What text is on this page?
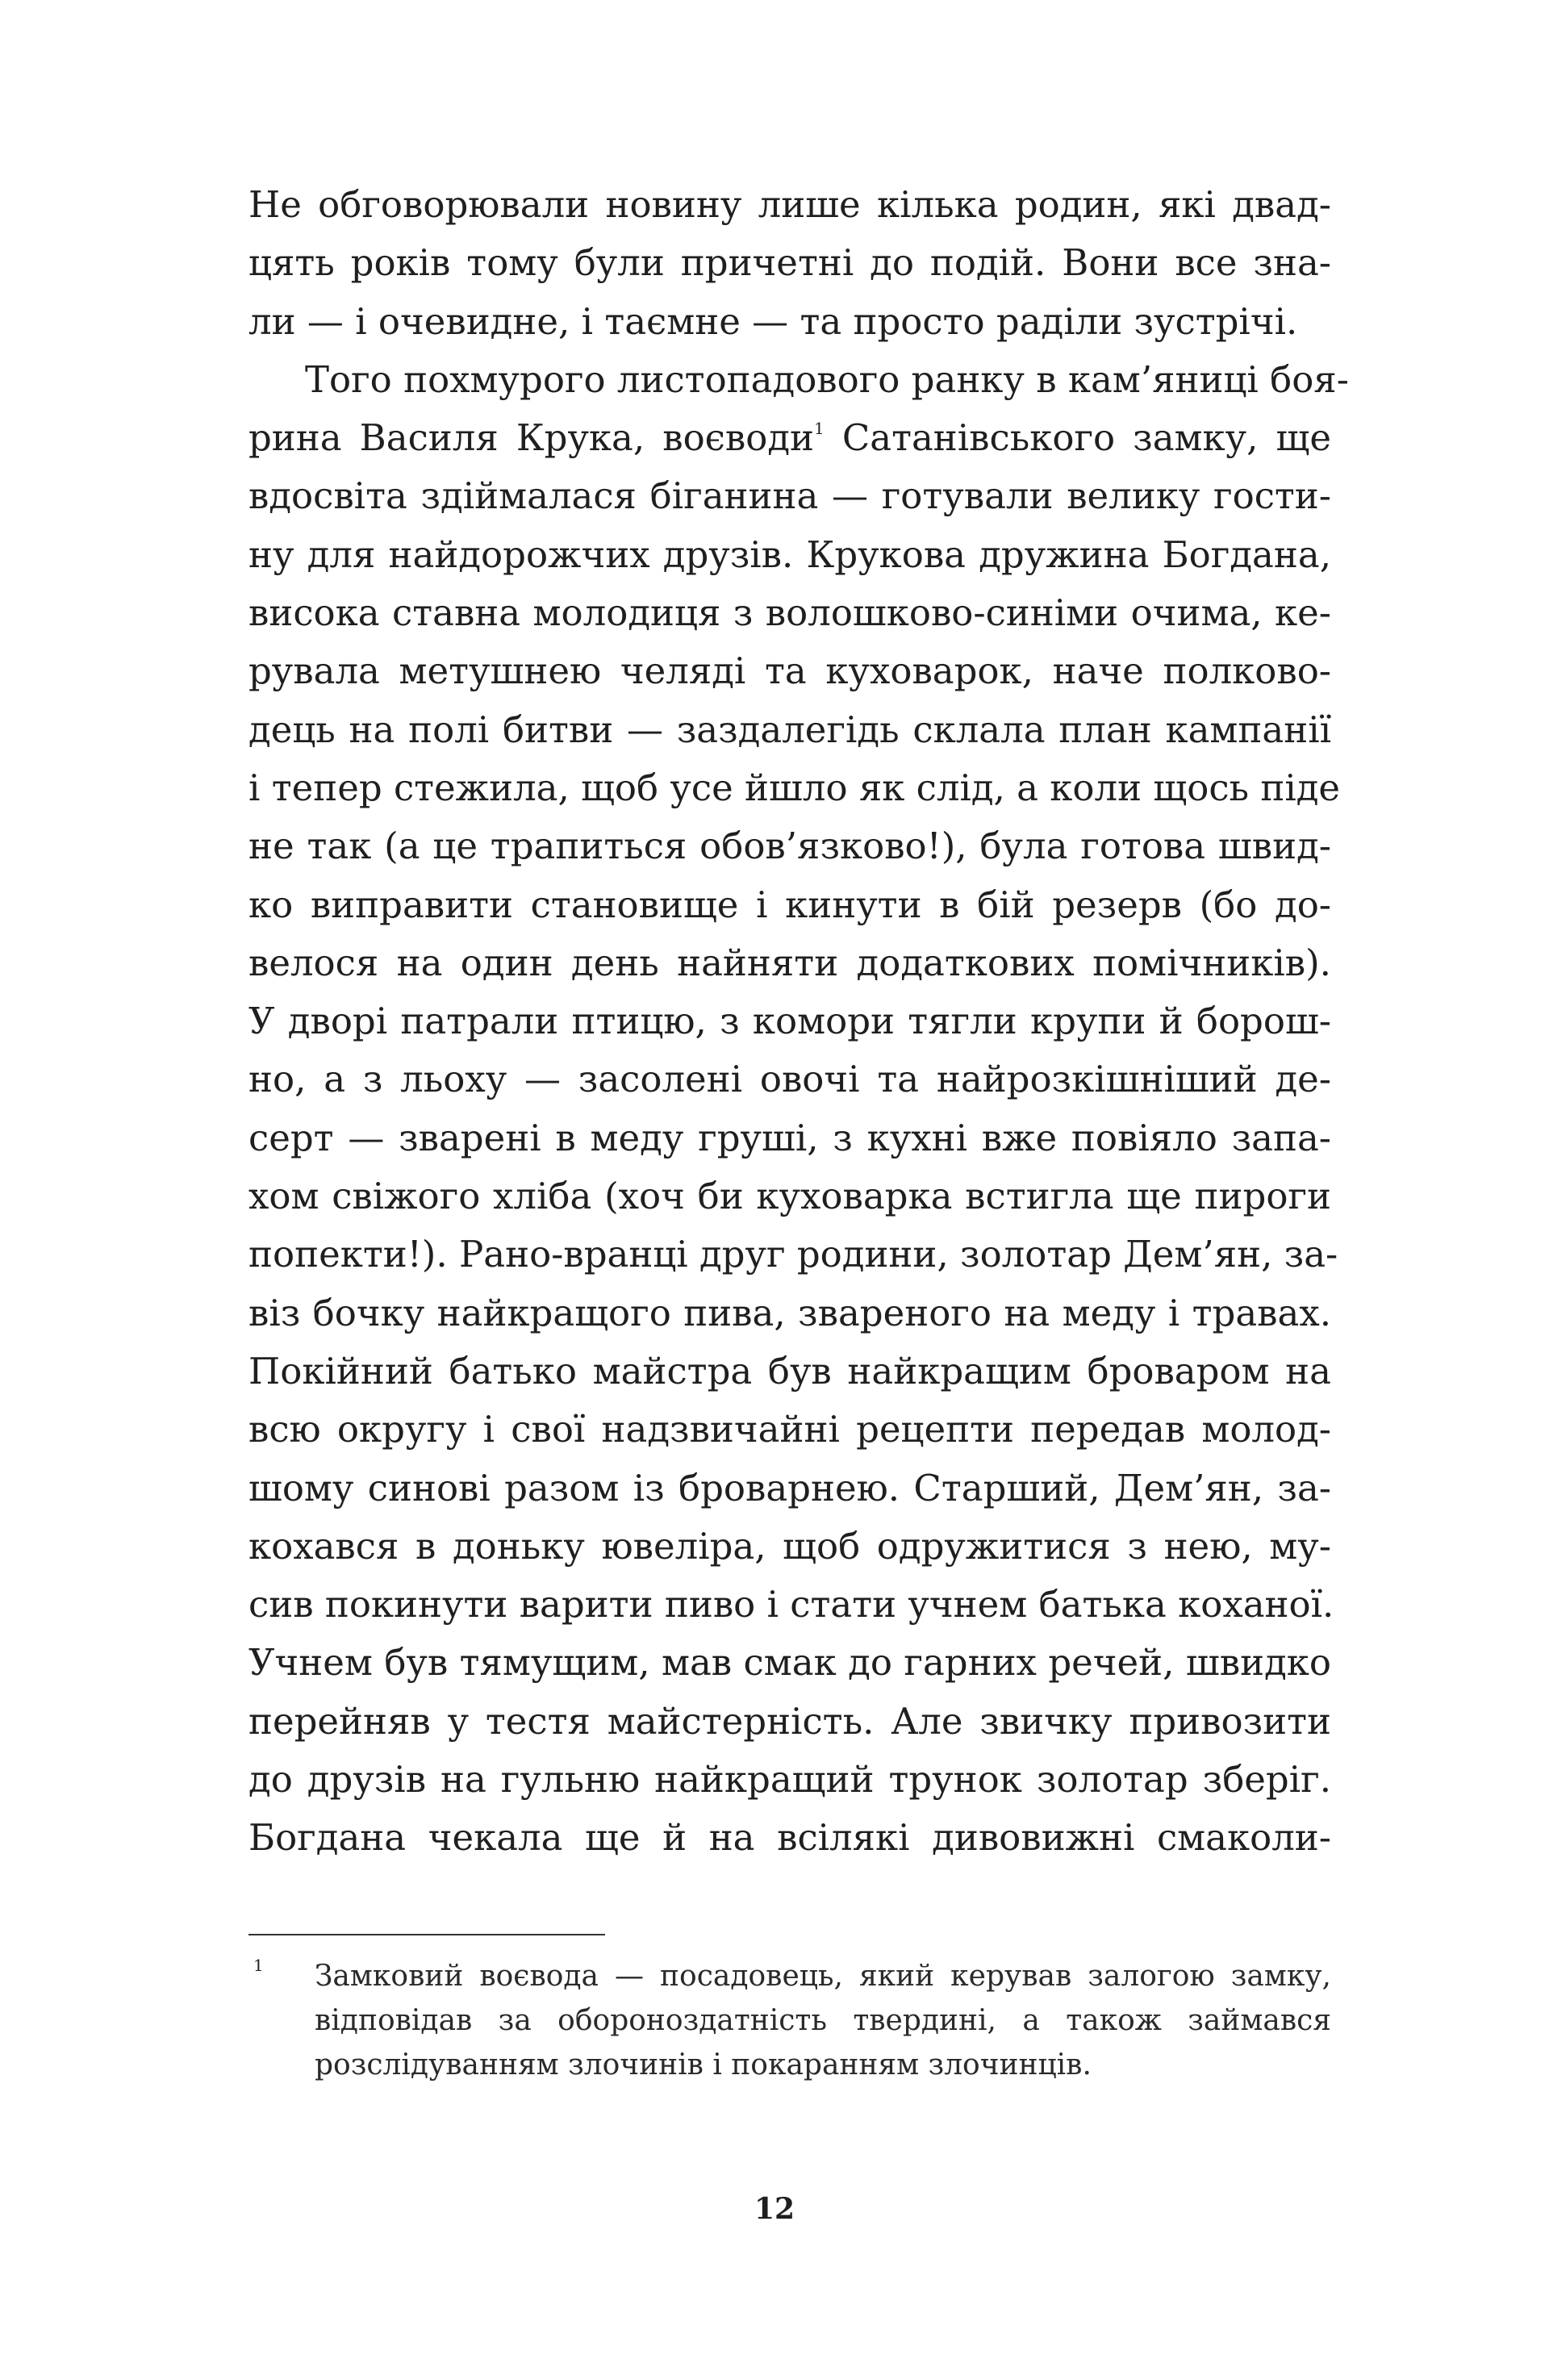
Не обговорювали новину лише кілька родин, які двад-
цять років тому були причетні до подій. Вони все зна-
ли — і очевидне, і таємне — та просто раділи зустрічі.
Того похмурого листопадового ранку в кам’яниці боя-
рина Василя Крука, воєводи$^1$ Сатанівського замку, ще
вдосвіта здіймалася біганина — готували велику гости-
ну для найдорожчих друзів. Крукова дружина Богдана,
висока ставна молодиця з волошково-синіми очима, ке-
рувала метушнею челяді та куховарок, наче полково-
дець на полі битви — заздалегідь склала план кампанії
і тепер стежила, щоб усе йшло як слід, а коли щось піде
не так (а це трапиться обов’язково!), була готова швид-
ко виправити становище і кинути в бій резерв (бо до-
велося на один день найняти додаткових помічників).
У дворі патрали птицю, з комори тягли крупи й борош-
но, а з льоху — засолені овочі та найрозкішніший де-
серт — зварені в меду груші, з кухні вже повіяло запа-
хом свіжого хліба (хоч би куховарка встигла ще пироги
попекти!). Рано-вранці друг родини, золотар Дем’ян, за-
віз бочку найкращого пива, звареного на меду і травах.
Покійний батько майстра був найкращим броваром на
всю округу і свої надзвичайні рецепти передав молод-
шому синові разом із броварнею. Старший, Дем’ян, за-
кохався в доньку ювеліра, щоб одружитися з нею, му-
сив покинути варити пиво і стати учнем батька коханої.
Учнем був тямущим, мав смак до гарних речей, швидко
перейняв у тестя майстерність. Але звичку привозити
до друзів на гульню найкращий трунок золотар зберіг.
Богдана чекала ще й на всілякі дивовижні смаколи-
1 Замковий воєвода — посадовець, який керував залогою замку,
відповідав за обороноздатність твердині, а також займався
розслідуванням злочинів і покаранням злочинців.
12
